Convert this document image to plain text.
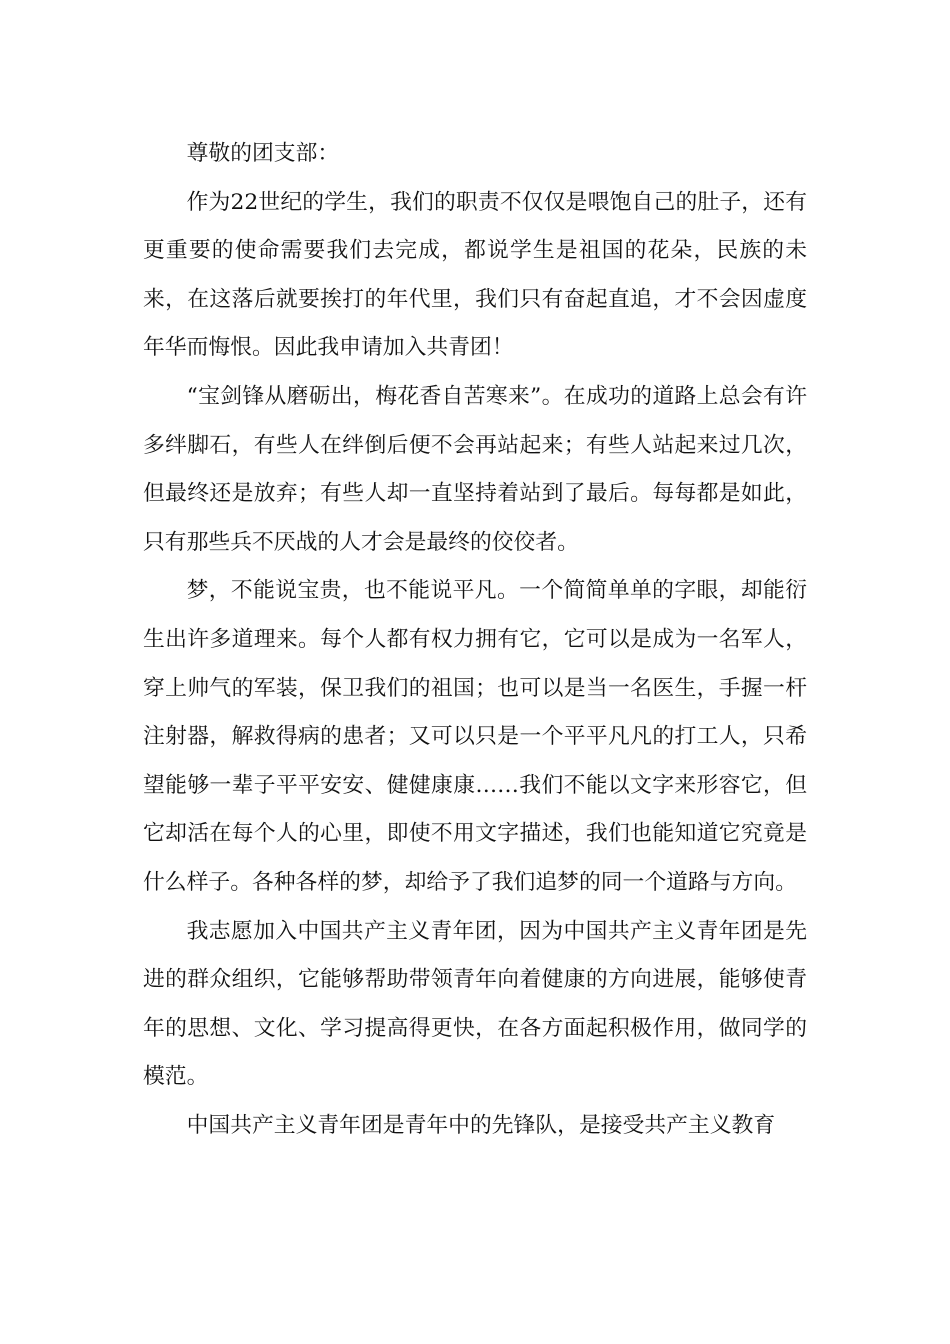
尊敬的团支部：

作为22世纪的学生，我们的职责不仅仅是喂饱自己的肚子，还有更重要的使命需要我们去完成，都说学生是祖国的花朵，民族的未来，在这落后就要挨打的年代里，我们只有奋起直追，才不会因虚度年华而悔恨。因此我申请加入共青团！

“宝剑锋从磨砺出，梅花香自苦寒来”。在成功的道路上总会有许多绊脚石，有些人在绊倒后便不会再站起来；有些人站起来过几次，但最终还是放弃；有些人却一直坚持着站到了最后。每每都是如此，只有那些兵不厌战的人才会是最终的佼佼者。

梦，不能说宝贵，也不能说平凡。一个简简单单的字眼，却能衍生出许多道理来。每个人都有权力拥有它，它可以是成为一名军人，穿上帅气的军装，保卫我们的祖国；也可以是当一名医生，手握一杆注射器，解救得病的患者；又可以只是一个平平凡凡的打工人，只希望能够一辈子平平安安、健健康康……我们不能以文字来形容它，但它却活在每个人的心里，即使不用文字描述，我们也能知道它究竟是什么样子。各种各样的梦，却给予了我们追梦的同一个道路与方向。

我志愿加入中国共产主义青年团，因为中国共产主义青年团是先进的群众组织，它能够帮助带领青年向着健康的方向进展，能够使青年的思想、文化、学习提高得更快，在各方面起积极作用，做同学的模范。

中国共产主义青年团是青年中的先锋队，是接受共产主义教育
